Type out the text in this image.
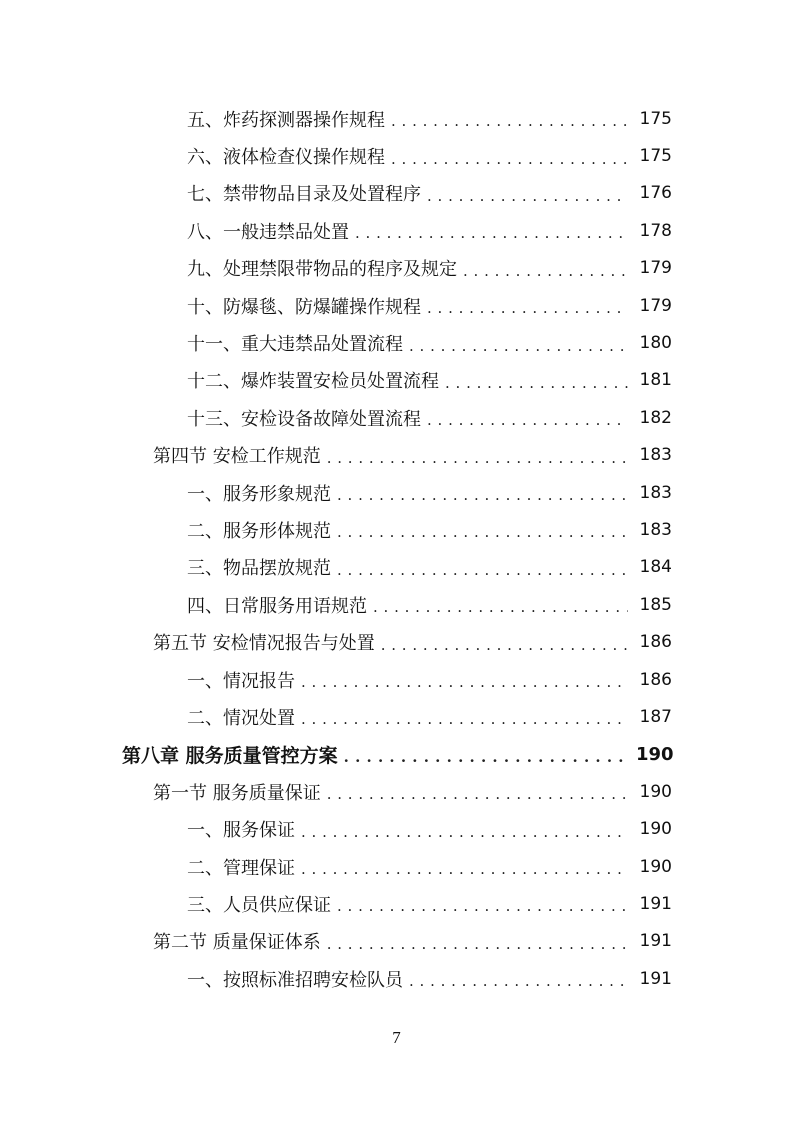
五、炸药探测器操作规程 . . .	175
六、液体检查仪操作规程 . . .	175
七、禁带物品目录及处置程序 . . .	176
八、一般违禁品处置 . . .	178
九、处理禁限带物品的程序及规定 . . .	179
十、防爆毯、防爆罐操作规程 . . .	179
十一、重大违禁品处置流程 . . .	180
十二、爆炸装置安检员处置流程 . . .	181
十三、安检设备故障处置流程 . . .	182
第四节 安检工作规范 . . .	183
一、服务形象规范 . . .	183
二、服务形体规范 . . .	183
三、物品摆放规范 . . .	184
四、日常服务用语规范 . . .	185
第五节 安检情况报告与处置 . . .	186
一、情况报告 . . .	186
二、情况处置 . . .	187
第八章 服务质量管控方案 . . .	190
第一节 服务质量保证 . . .	190
一、服务保证 . . .	190
二、管理保证 . . .	190
三、人员供应保证 . . .	191
第二节 质量保证体系 . . .	191
一、按照标准招聘安检队员 . . .	191
7
